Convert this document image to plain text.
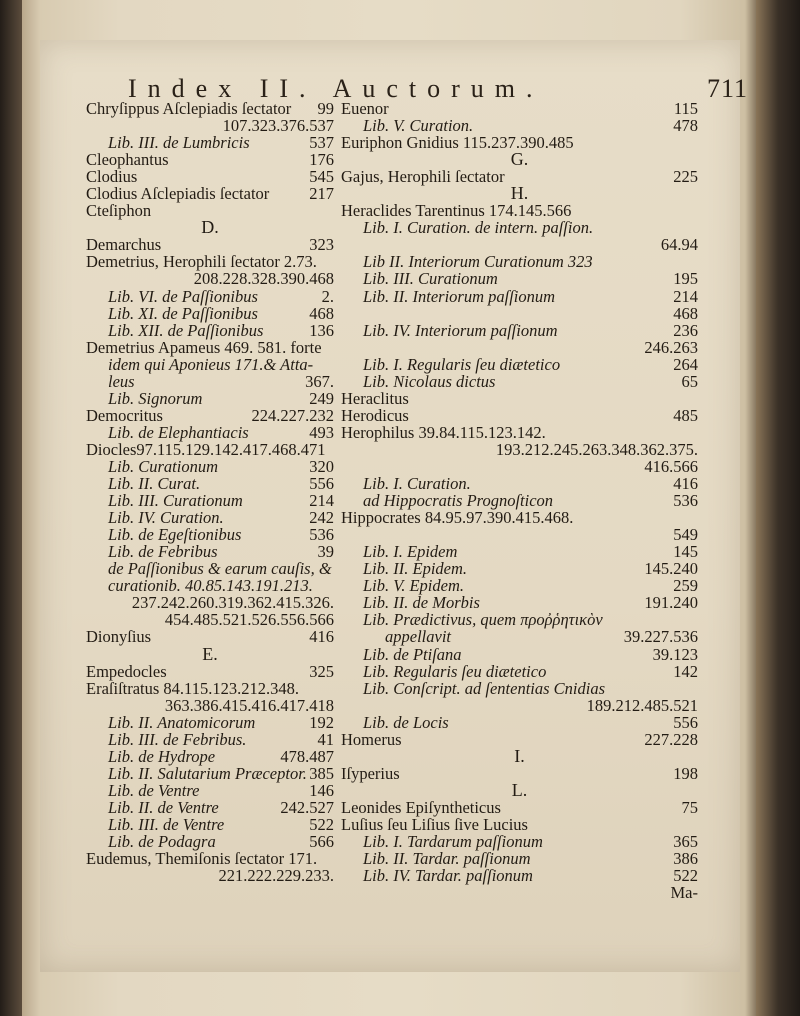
Index II. Auctorum.	711
Chryſippus Aſclepiadis ſectator 99
107.323.376.537
Lib. III. de Lumbricis	537
Cleophantus	176
Clodius	545
Clodius Aſclepiadis ſectator 217
Cteſiphon
D.
Demarchus	323
Demetrius, Herophili ſectator 2.73.
208.228.328.390.468
Lib. VI. de Paſſionibus	2.
Lib. XI. de Paſſionibus	468
Lib. XII. de Paſſionibus	136
Demetrius Apameus 469. 581. forte
idem qui Aponieus 171.& Atta-
leus	367.
Lib. Signorum	249
Democritus	224.227.232
Lib. de Elephantiacis	493
Diocles97.115.129.142.417.468.471
Lib. Curationum	320
Lib. II. Curat.	556
Lib. III. Curationum	214
Lib. IV. Curation.	242
Lib. de Egeſtionibus	536
Lib. de Febribus	39
de Paſſionibus & earum cauſis, &
curationib. 40.85.143.191.213.
237.242.260.319.362.415.326.
454.485.521.526.556.566
Dionyſius	416
E.
Empedocles	325
Eraſiſtratus 84.115.123.212.348.
363.386.415.416.417.418
Lib. II. Anatomicorum	192
Lib. III. de Febribus.	41
Lib. de Hydrope	478.487
Lib. II. Salutarium Præceptor. 385
Lib. de Ventre	146
Lib. II. de Ventre	242.527
Lib. III. de Ventre	522
Lib. de Podagra	566
Eudemus, Themiſonis ſectator 171.
221.222.229.233.
Euenor	115
Lib. V. Curation.	478
Euriphon Gnidius 115.237.390.485
G.
Gajus, Herophili ſectator	225
H.
Heraclides Tarentinus 174.145.566
Lib. I. Curation. de intern. paſſion.
64.94
Lib II. Interiorum Curationum 323
Lib. III. Curationum	195
Lib. II. Interiorum paſſionum	214
468
Lib. IV. Interiorum paſſionum	236
246.263
Lib. I. Regularis ſeu diætetico	264
Lib. Nicolaus dictus	65
Heraclitus
Herodicus	485
Herophilus 39.84.115.123.142.
193.212.245.263.348.362.375.
416.566
Lib. I. Curation.	416
ad Hippocratis Prognoſticon	536
Hippocrates 84.95.97.390.415.468.
549
Lib. I. Epidem	145
Lib. II. Epidem.	145.240
Lib. V. Epidem.	259
Lib. II. de Morbis	191.240
Lib. Prædictivus, quem προῤῥητικὸν
appellavit	39.227.536
Lib. de Ptiſana	39.123
Lib. Regularis ſeu diætetico	142
Lib. Conſcript. ad ſententias Cnidias
189.212.485.521
Lib. de Locis	556
Homerus	227.228
I.
Iſyperius	198
L.
Leonides Epiſyntheticus	75
Luſius ſeu Liſius ſive Lucius
Lib. I. Tardarum paſſionum	365
Lib. II. Tardar. paſſionum	386
Lib. IV. Tardar. paſſionum	522
Ma-
